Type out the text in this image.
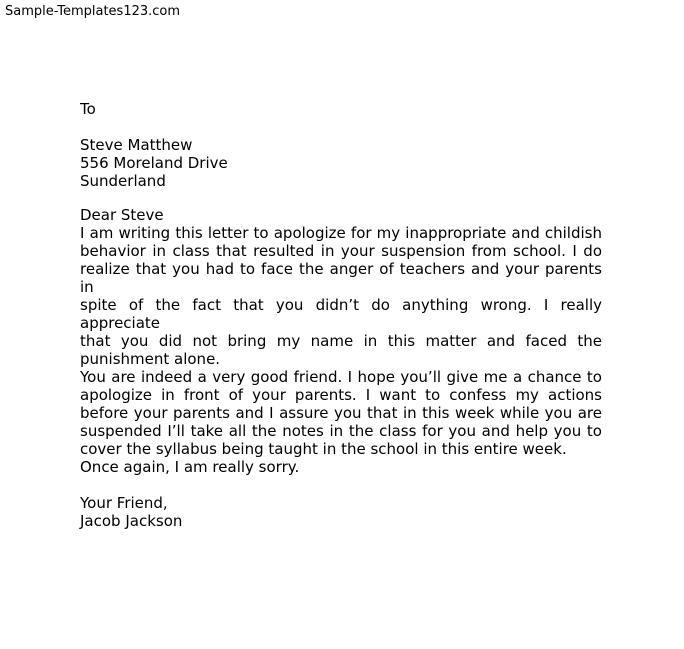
Sample-Templates123.com
To
Steve Matthew
556 Moreland Drive
Sunderland
Dear Steve
I am writing this letter to apologize for my inappropriate and childish
behavior in class that resulted in your suspension from school. I do
realize that you had to face the anger of teachers and your parents in
spite of the fact that you didn’t do anything wrong. I really appreciate
that you did not bring my name in this matter and faced the
punishment alone.
You are indeed a very good friend. I hope you’ll give me a chance to
apologize in front of your parents. I want to confess my actions
before your parents and I assure you that in this week while you are
suspended I’ll take all the notes in the class for you and help you to
cover the syllabus being taught in the school in this entire week.
Once again, I am really sorry.
Your Friend,
Jacob Jackson
